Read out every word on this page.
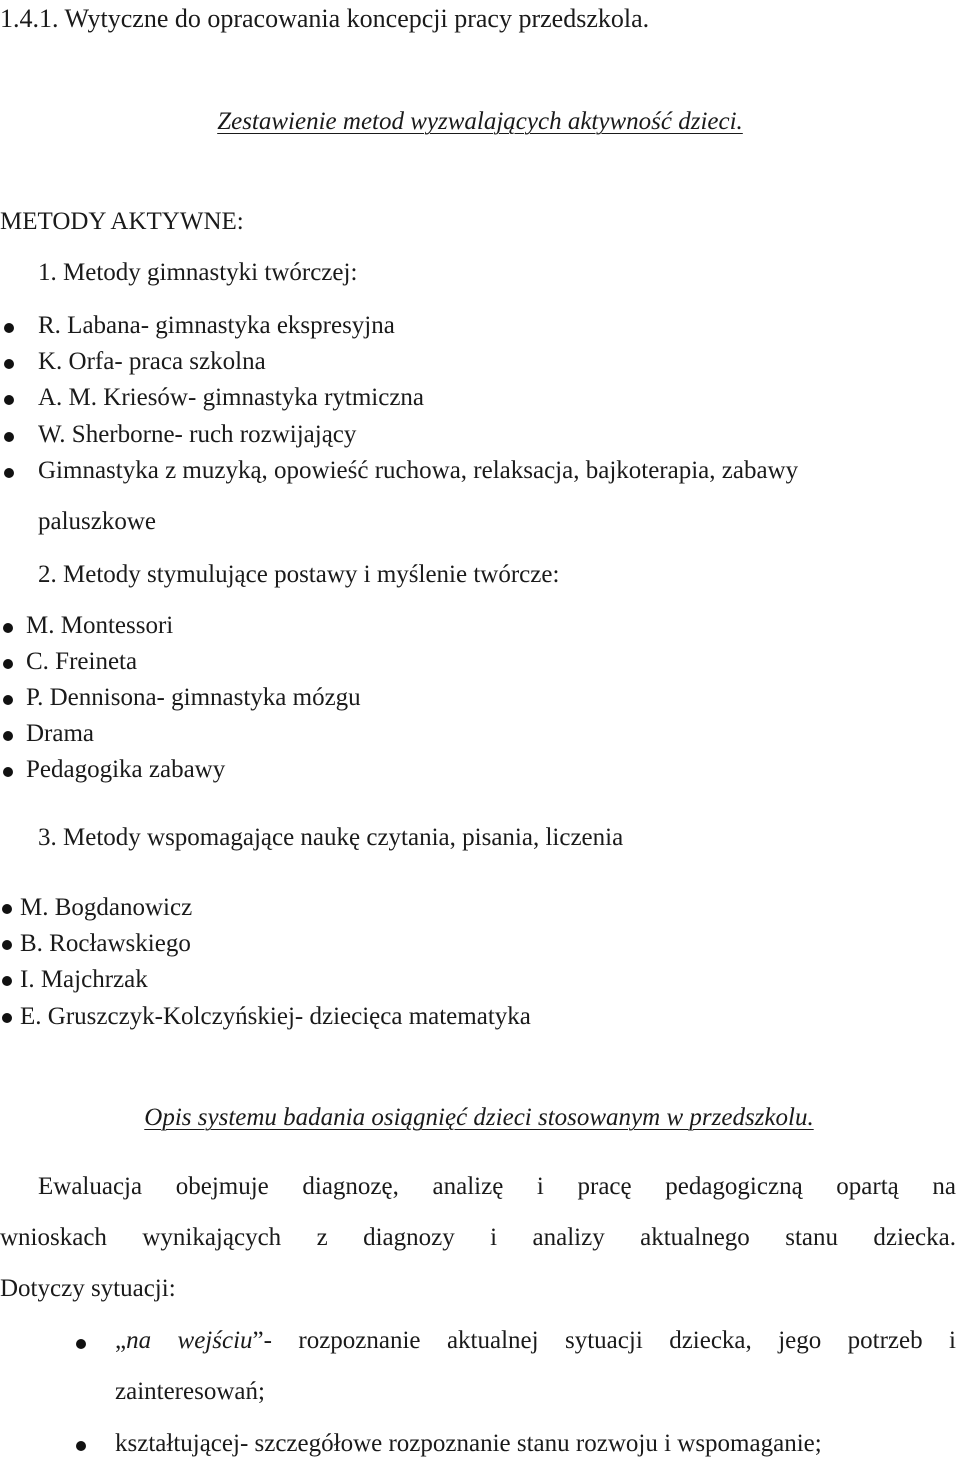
1.4.1. Wytyczne do opracowania koncepcji pracy przedszkola.
Zestawienie metod wyzwalających aktywność dzieci.
METODY AKTYWNE:
1. Metody gimnastyki twórczej:
R. Labana- gimnastyka ekspresyjna
K. Orfa- praca szkolna
A. M. Kriesów- gimnastyka rytmiczna
W. Sherborne- ruch rozwijający
Gimnastyka z muzyką, opowieść ruchowa, relaksacja, bajkoterapia, zabawy
paluszkowe
2. Metody stymulujące postawy i myślenie twórcze:
M. Montessori
C. Freineta
P. Dennisona- gimnastyka mózgu
Drama
Pedagogika zabawy
3. Metody wspomagające naukę czytania, pisania, liczenia
M. Bogdanowicz
B. Rocławskiego
I. Majchrzak
E. Gruszczyk-Kolczyńskiej- dziecięca matematyka
Opis systemu badania osiągnięć dzieci stosowanym w przedszkolu.
Ewaluacja obejmuje diagnozę, analizę i pracę pedagogiczną opartą na
wnioskach wynikających z diagnozy i analizy aktualnego stanu dziecka.
Dotyczy sytuacji:
„na wejściu”- rozpoznanie aktualnej sytuacji dziecka, jego potrzeb i
zainteresowań;
kształtującej- szczegółowe rozpoznanie stanu rozwoju i wspomaganie;
